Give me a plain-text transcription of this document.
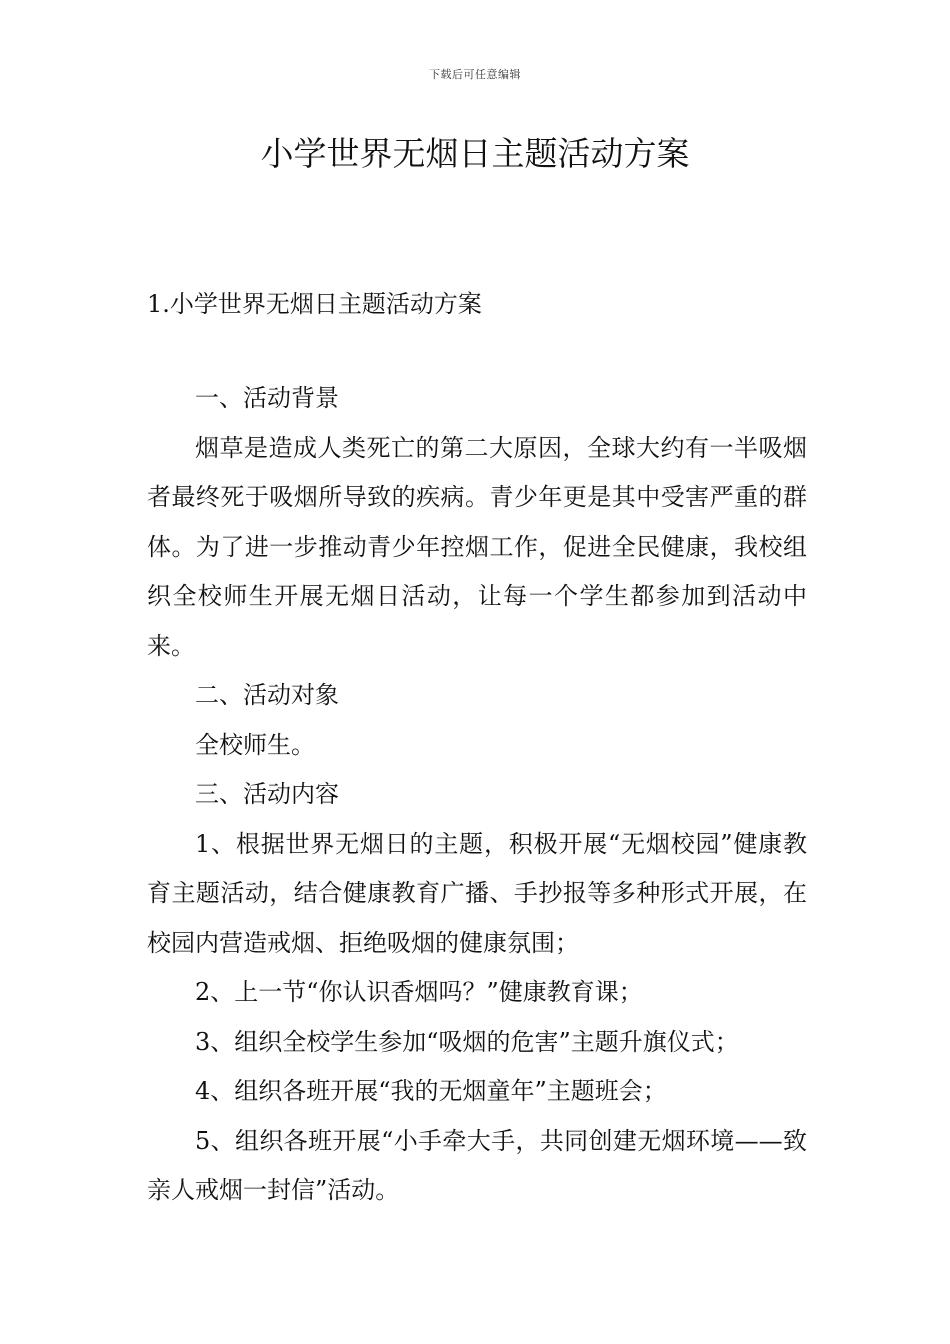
下载后可任意编辑
小学世界无烟日主题活动方案
1.小学世界无烟日主题活动方案

一、活动背景

烟草是造成人类死亡的第二大原因，全球大约有一半吸烟者最终死于吸烟所导致的疾病。青少年更是其中受害严重的群体。为了进一步推动青少年控烟工作，促进全民健康，我校组织全校师生开展无烟日活动，让每一个学生都参加到活动中来。

二、活动对象

全校师生。

三、活动内容

1、根据世界无烟日的主题，积极开展“无烟校园”健康教育主题活动，结合健康教育广播、手抄报等多种形式开展，在校园内营造戒烟、拒绝吸烟的健康氛围；

2、上一节“你认识香烟吗？”健康教育课；

3、组织全校学生参加“吸烟的危害”主题升旗仪式；

4、组织各班开展“我的无烟童年”主题班会；

5、组织各班开展“小手牵大手，共同创建无烟环境——致亲人戒烟一封信”活动。
